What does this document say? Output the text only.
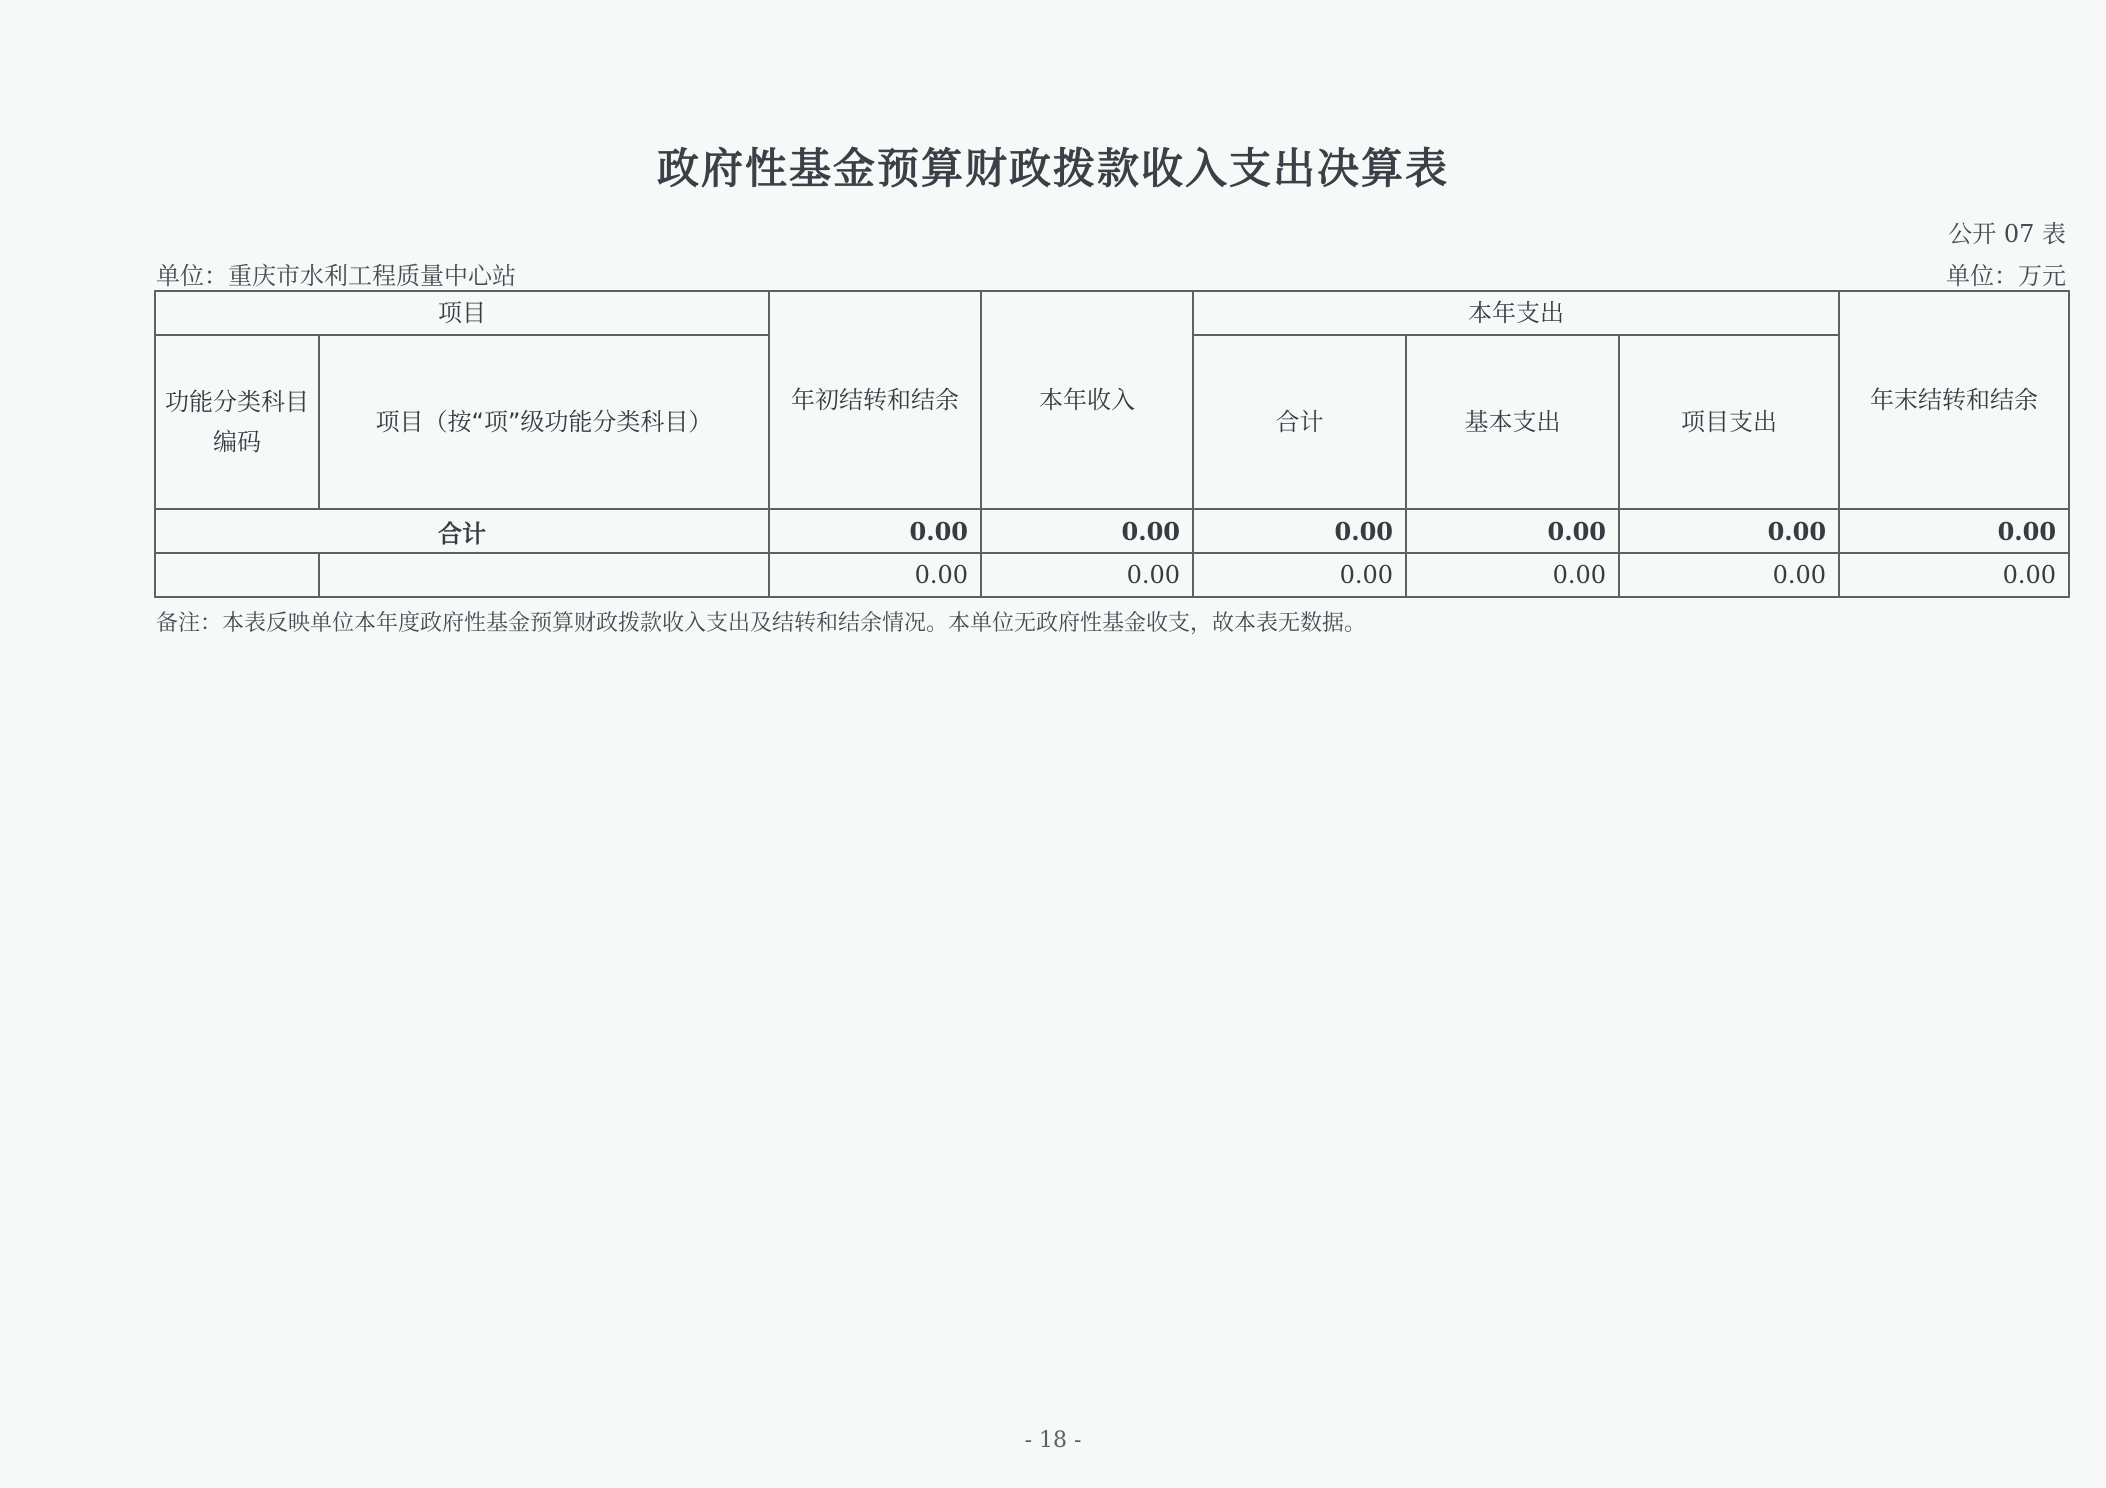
政府性基金预算财政拨款收入支出决算表
公开 07 表
单位：重庆市水利工程质量中心站	单位：万元
项目		年初结转和结余	本年收入	本年支出			年末结转和结余
功能分类科目编码	项目（按“项”级功能分类科目）			合计	基本支出	项目支出	
合计		0.00	0.00	0.00	0.00	0.00	0.00
		0.00	0.00	0.00	0.00	0.00	0.00
备注：本表反映单位本年度政府性基金预算财政拨款收入支出及结转和结余情况。本单位无政府性基金收支，故本表无数据。
- 18 -
